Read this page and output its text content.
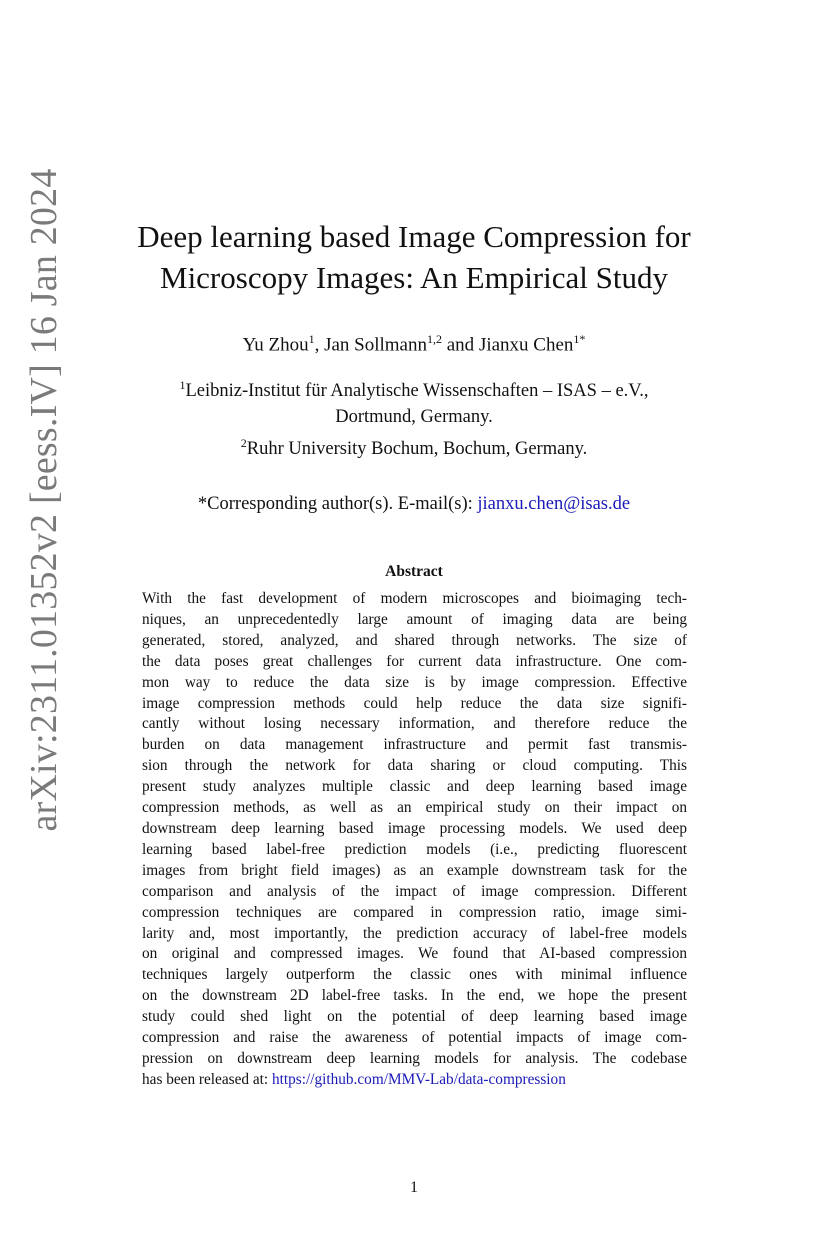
arXiv:2311.01352v2 [eess.IV] 16 Jan 2024	Deep learning based Image Compression for
Microscopy Images: An Empirical Study
Yu Zhou$^1$, Jan Sollmann$^{1,2}$ and Jianxu Chen$^{1*}$
$^1$Leibniz-Institut für Analytische Wissenschaften – ISAS – e.V.,
Dortmund, Germany.
$^2$Ruhr University Bochum, Bochum, Germany.
*Corresponding author(s). E-mail(s): jianxu.chen@isas.de
Abstract
With the fast development of modern microscopes and bioimaging tech-
niques, an unprecedentedly large amount of imaging data are being
generated, stored, analyzed, and shared through networks. The size of
the data poses great challenges for current data infrastructure. One com-
mon way to reduce the data size is by image compression. Effective
image compression methods could help reduce the data size signifi-
cantly without losing necessary information, and therefore reduce the
burden on data management infrastructure and permit fast transmis-
sion through the network for data sharing or cloud computing. This
present study analyzes multiple classic and deep learning based image
compression methods, as well as an empirical study on their impact on
downstream deep learning based image processing models. We used deep
learning based label-free prediction models (i.e., predicting fluorescent
images from bright field images) as an example downstream task for the
comparison and analysis of the impact of image compression. Different
compression techniques are compared in compression ratio, image simi-
larity and, most importantly, the prediction accuracy of label-free models
on original and compressed images. We found that AI-based compression
techniques largely outperform the classic ones with minimal influence
on the downstream 2D label-free tasks. In the end, we hope the present
study could shed light on the potential of deep learning based image
compression and raise the awareness of potential impacts of image com-
pression on downstream deep learning models for analysis. The codebase
has been released at: https://github.com/MMV-Lab/data-compression
1
